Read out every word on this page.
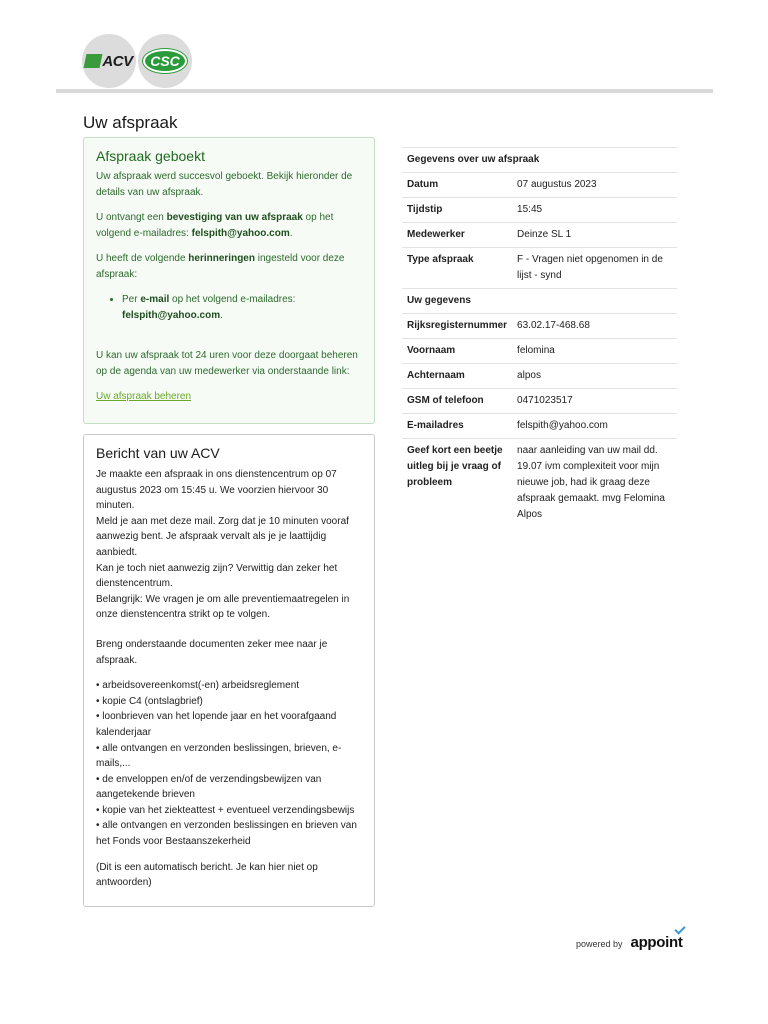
ACV	CSC
Uw afspraak
Afspraak geboekt

Uw afspraak werd succesvol geboekt. Bekijk hieronder de details van uw afspraak.

U ontvangt een bevestiging van uw afspraak op het volgend e-mailadres: felspith@yahoo.com.

U heeft de volgende herinneringen ingesteld voor deze afspraak:

• Per e-mail op het volgend e-mailadres:
felspith@yahoo.com.

U kan uw afspraak tot 24 uren voor deze doorgaat beheren op de agenda van uw medewerker via onderstaande link:

Uw afspraak beheren
Bericht van uw ACV

Je maakte een afspraak in ons dienstencentrum op 07 augustus 2023 om 15:45 u. We voorzien hiervoor 30 minuten.
Meld je aan met deze mail. Zorg dat je 10 minuten vooraf aanwezig bent. Je afspraak vervalt als je je laattijdig aanbiedt.
Kan je toch niet aanwezig zijn? Verwittig dan zeker het dienstencentrum.
Belangrijk: We vragen je om alle preventiemaatregelen in onze dienstencentra strikt op te volgen.

Breng onderstaande documenten zeker mee naar je afspraak.

• arbeidsovereenkomst(-en) arbeidsreglement
• kopie C4 (ontslagbrief)
• loonbrieven van het lopende jaar en het voorafgaand kalenderjaar
• alle ontvangen en verzonden beslissingen, brieven, e-mails,...
• de enveloppen en/of de verzendingsbewijzen van aangetekende brieven
• kopie van het ziekteattest + eventueel verzendingsbewijs
• alle ontvangen en verzonden beslissingen en brieven van het Fonds voor Bestaanszekerheid

(Dit is een automatisch bericht. Je kan hier niet op antwoorden)

Gegevens over uw afspraak	
Datum	07 augustus 2023
Tijdstip	15:45
Medewerker	Deinze SL 1
Type afspraak	F - Vragen niet opgenomen in de lijst - synd
Uw gegevens	
Rijksregisternummer	63.02.17-468.68
Voornaam	felomina
Achternaam	alpos
GSM of telefoon	0471023517
E-mailadres	felspith@yahoo.com
Geef kort een beetje uitleg bij je vraag of probleem	naar aanleiding van uw mail dd. 19.07 ivm complexiteit voor mijn nieuwe job, had ik graag deze afspraak gemaakt. mvg Felomina Alpos
powered by appoint
